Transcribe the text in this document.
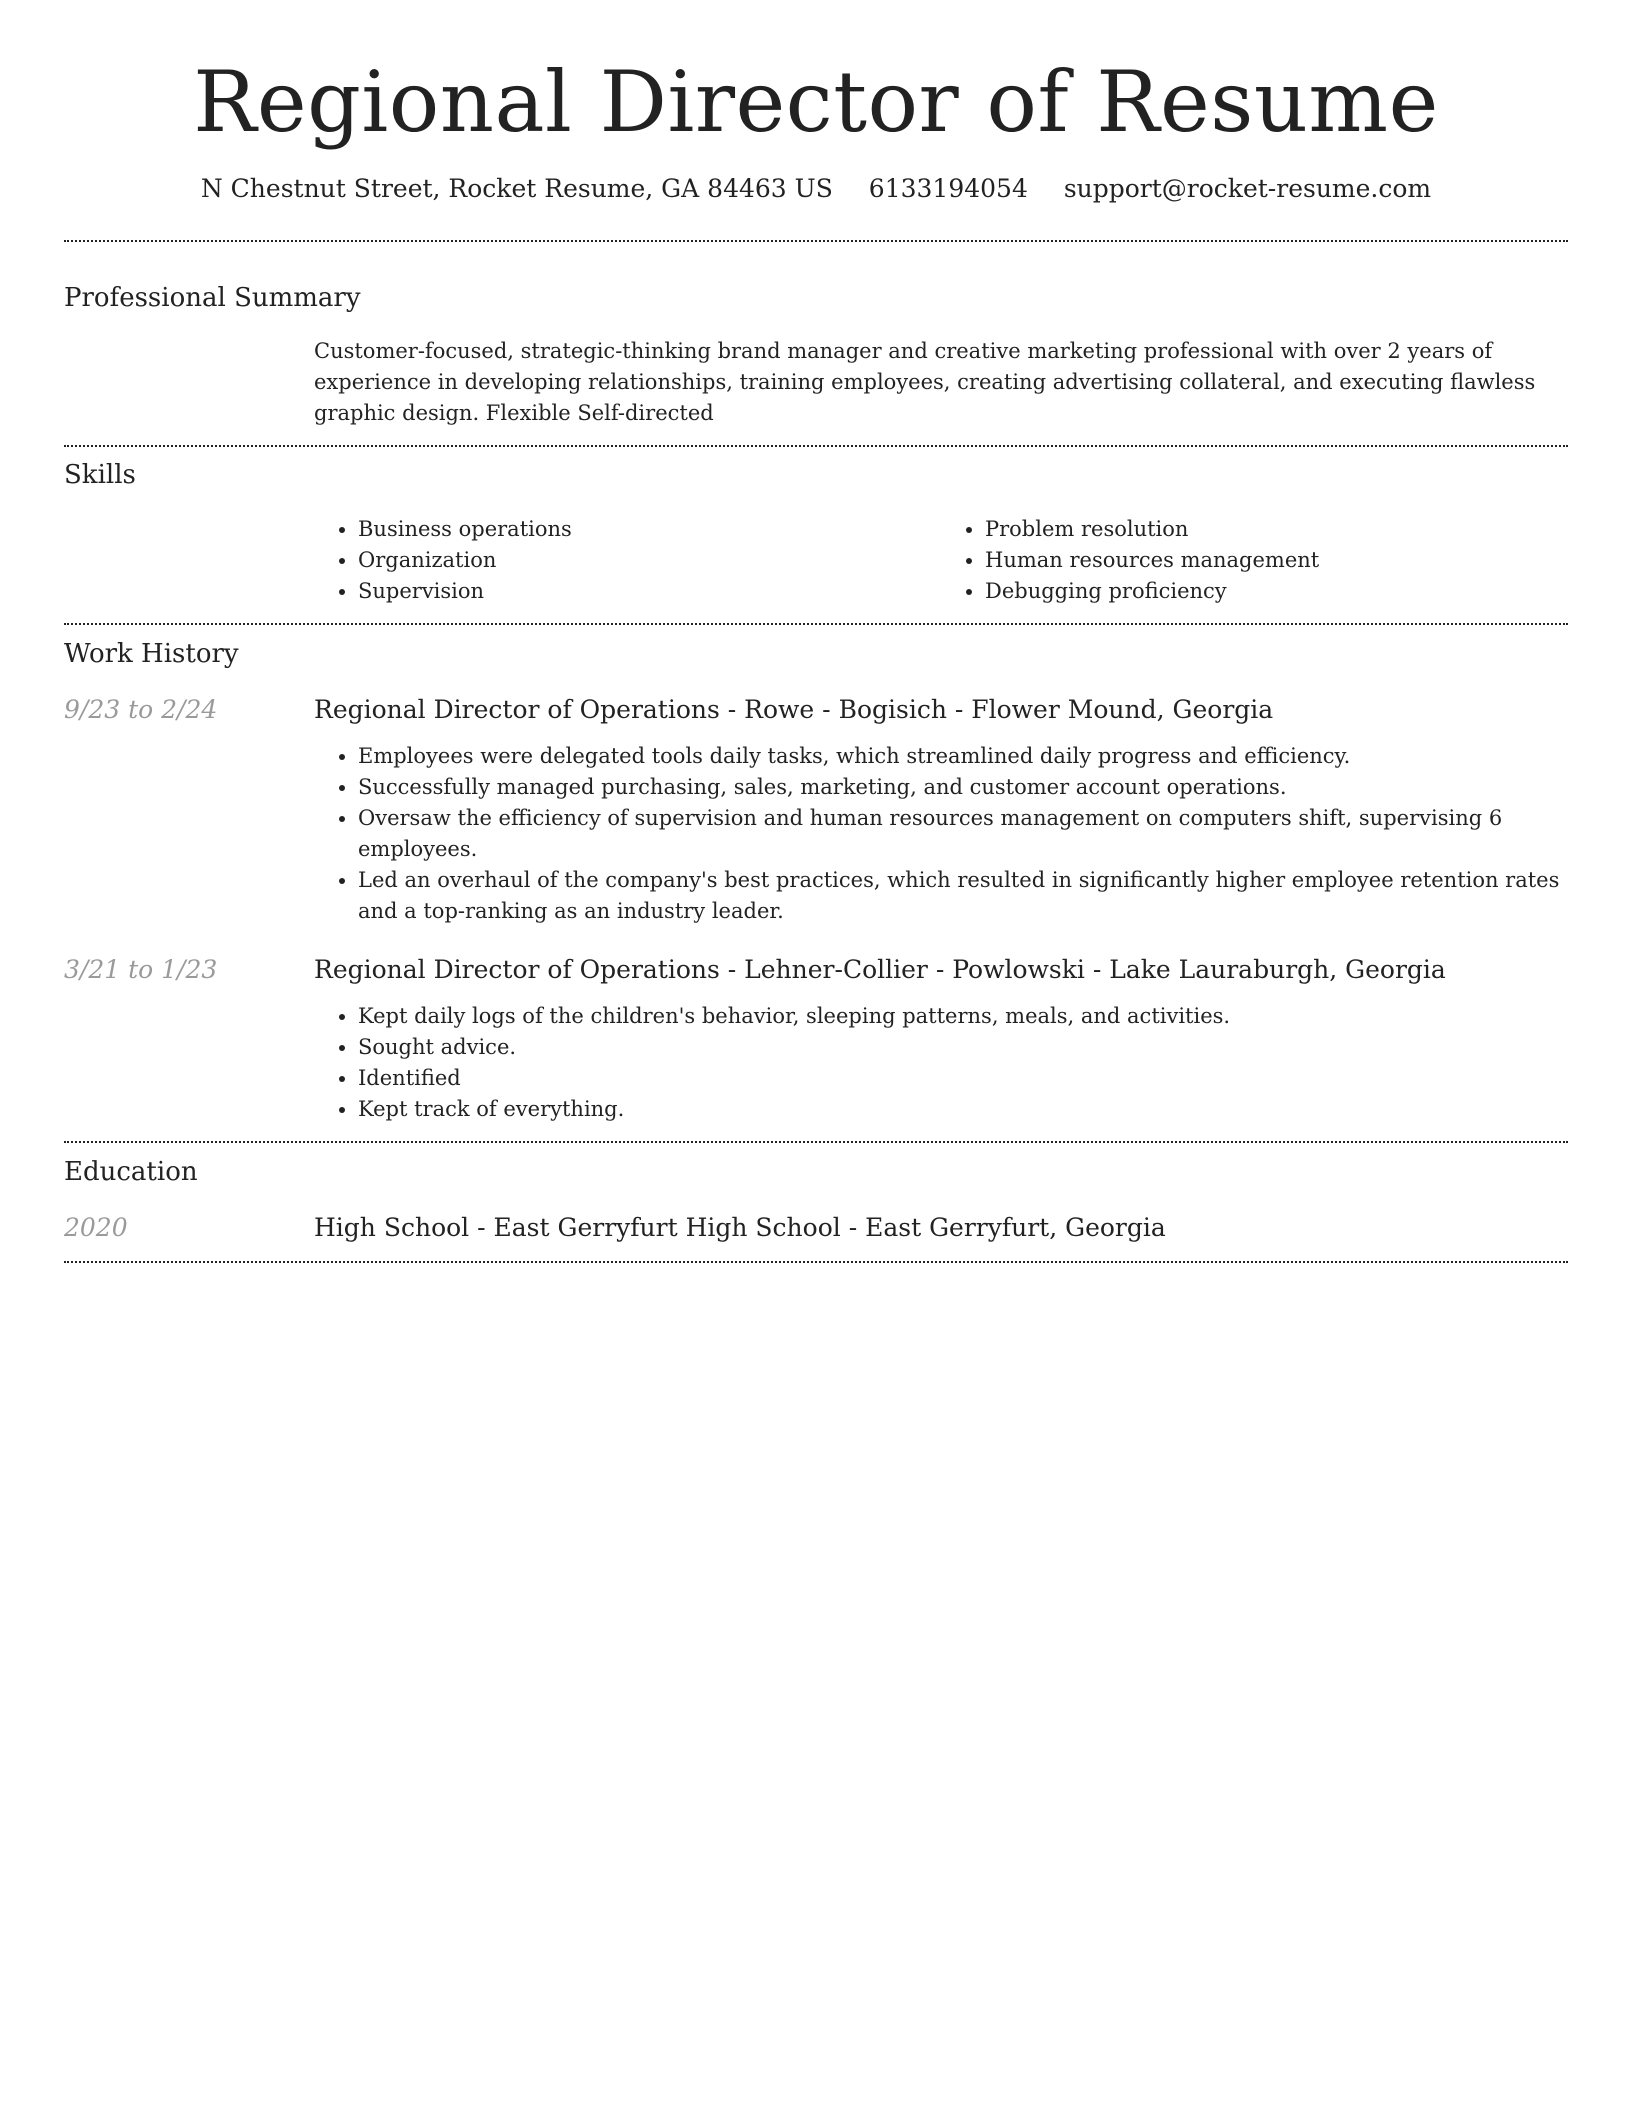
Regional Director of Resume
N Chestnut Street, Rocket Resume, GA 84463 US 6133194054 support@rocket-resume.com
Professional Summary

Customer-focused, strategic-thinking brand manager and creative marketing professional with over 2 years of experience in developing relationships, training employees, creating advertising collateral, and executing flawless graphic design. Flexible Self-directed

Skills
• Business operations
• Organization
• Supervision
• Problem resolution
• Human resources management
• Debugging proficiency
Work History
9/23 to 2/24	Regional Director of Operations - Rowe - Bogisich - Flower Mound, Georgia
• Employees were delegated tools daily tasks, which streamlined daily progress and efficiency.
• Successfully managed purchasing, sales, marketing, and customer account operations.
• Oversaw the efficiency of supervision and human resources management on computers shift, supervising 6 employees.
• Led an overhaul of the company's best practices, which resulted in significantly higher employee retention rates and a top-ranking as an industry leader.
3/21 to 1/23	Regional Director of Operations - Lehner-Collier - Powlowski - Lake Lauraburgh, Georgia
• Kept daily logs of the children's behavior, sleeping patterns, meals, and activities.
• Sought advice.
• Identified
• Kept track of everything.
Education
2020	High School - East Gerryfurt High School - East Gerryfurt, Georgia
